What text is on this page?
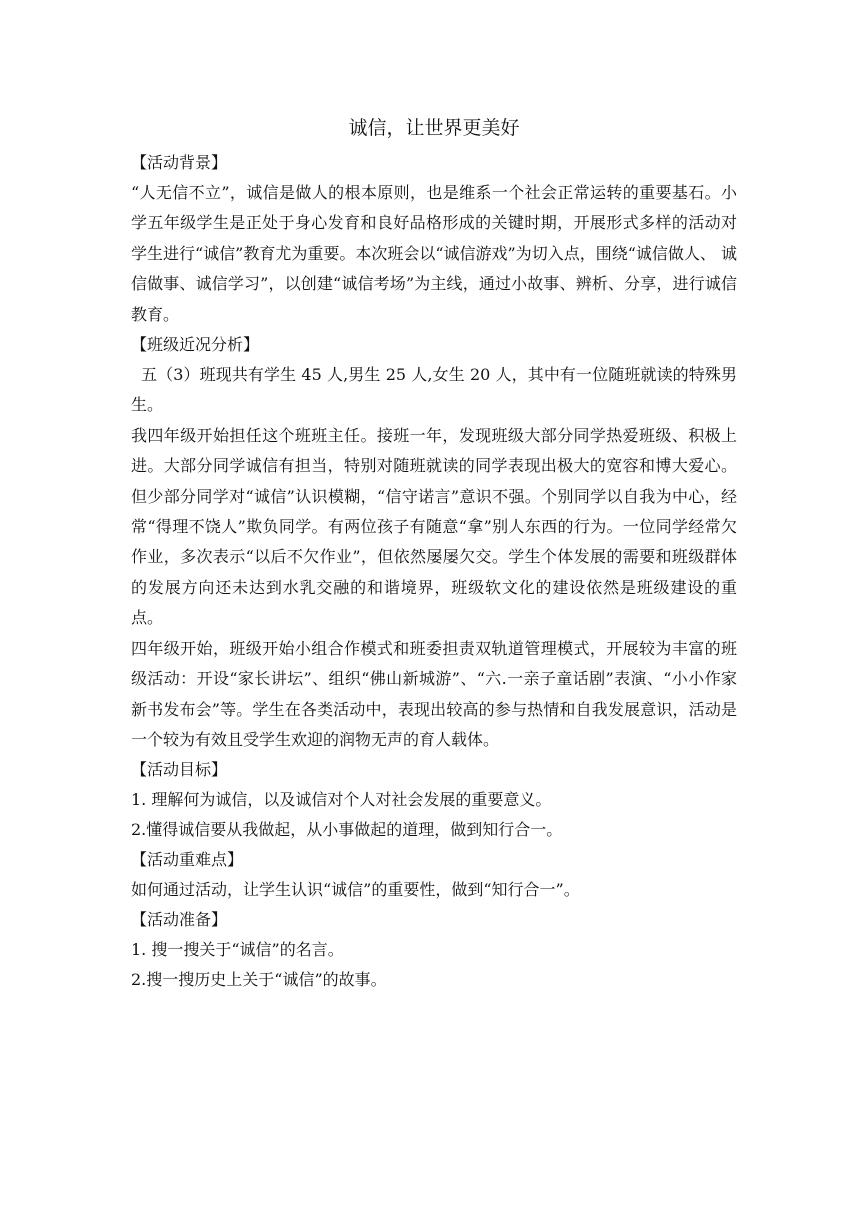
诚信，让世界更美好

【活动背景】

“人无信不立”，诚信是做人的根本原则，也是维系一个社会正常运转的重要基石。小学五年级学生是正处于身心发育和良好品格形成的关键时期，开展形式多样的活动对学生进行“诚信”教育尤为重要。本次班会以“诚信游戏”为切入点，围绕“诚信做人、 诚信做事、诚信学习”，以创建“诚信考场”为主线，通过小故事、辨析、分享，进行诚信教育。

【班级近况分析】

五（3）班现共有学生 45 人,男生 25 人,女生 20 人，其中有一位随班就读的特殊男生。

我四年级开始担任这个班班主任。接班一年，发现班级大部分同学热爱班级、积极上进。大部分同学诚信有担当，特别对随班就读的同学表现出极大的宽容和博大爱心。但少部分同学对“诚信”认识模糊，“信守诺言”意识不强。个别同学以自我为中心，经常“得理不饶人”欺负同学。有两位孩子有随意“拿”别人东西的行为。一位同学经常欠作业，多次表示“以后不欠作业”，但依然屡屡欠交。学生个体发展的需要和班级群体的发展方向还未达到水乳交融的和谐境界，班级软文化的建设依然是班级建设的重点。

四年级开始，班级开始小组合作模式和班委担责双轨道管理模式，开展较为丰富的班级活动：开设“家长讲坛”、组织“佛山新城游”、“六.一亲子童话剧”表演、“小小作家新书发布会”等。学生在各类活动中，表现出较高的参与热情和自我发展意识，活动是一个较为有效且受学生欢迎的润物无声的育人载体。

【活动目标】

1. 理解何为诚信，以及诚信对个人对社会发展的重要意义。

2.懂得诚信要从我做起，从小事做起的道理，做到知行合一。

【活动重难点】

如何通过活动，让学生认识“诚信”的重要性，做到“知行合一”。

【活动准备】

1. 搜一搜关于“诚信”的名言。

2.搜一搜历史上关于“诚信”的故事。
